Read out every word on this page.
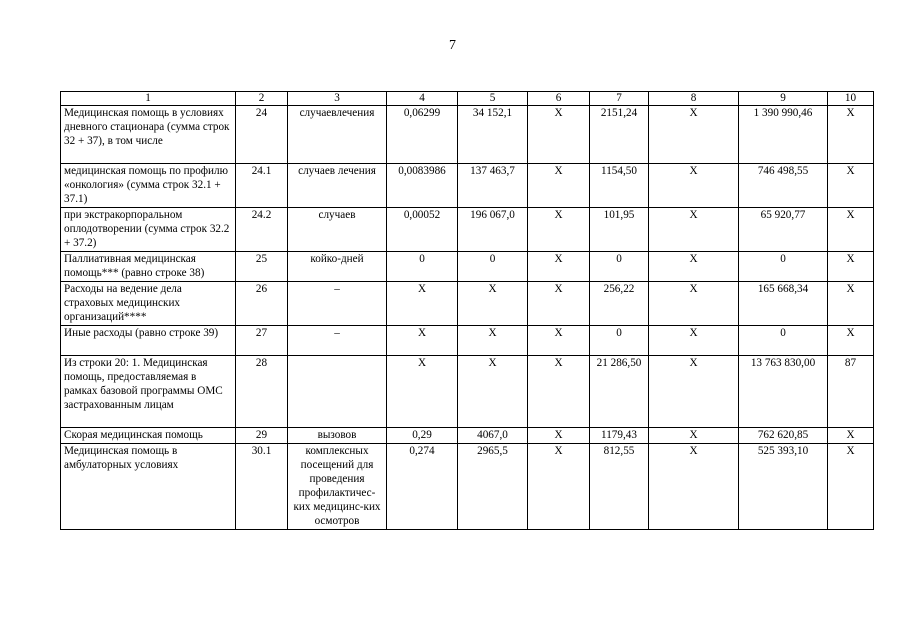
7
1	2	3	4	5	6	7	8	9	10
Медицинская помощь в условиях дневного стационара (сумма строк 32 + 37), в том числе	24	случаевлечения	0,06299	34 152,1	X	2151,24	X	1 390 990,46	X
медицинская помощь по профилю «онкология» (сумма строк 32.1 + 37.1)	24.1	случаев лечения	0,0083986	137 463,7	X	1154,50	X	746 498,55	X
при экстракорпоральном оплодотворении (сумма строк 32.2 + 37.2)	24.2	случаев	0,00052	196 067,0	X	101,95	X	65 920,77	X
Паллиативная медицинская помощь*** (равно строке 38)	25	койко-дней	0	0	X	0	X	0	X
Расходы на ведение дела страховых медицинских организаций****	26	–	X	X	X	256,22	X	165 668,34	X
Иные расходы (равно строке 39)	27	–	X	X	X	0	X	0	X
Из строки 20: 1. Медицинская помощь, предоставляемая в рамках базовой программы ОМС застрахованным лицам	28		X	X	X	21 286,50	X	13 763 830,00	87
Скорая медицинская помощь	29	вызовов	0,29	4067,0	X	1179,43	X	762 620,85	X
Медицинская помощь в амбулаторных условиях	30.1	комплексных посещений для проведения профилактичес-ких медицинс-ких осмотров	0,274	2965,5	X	812,55	X	525 393,10	X
